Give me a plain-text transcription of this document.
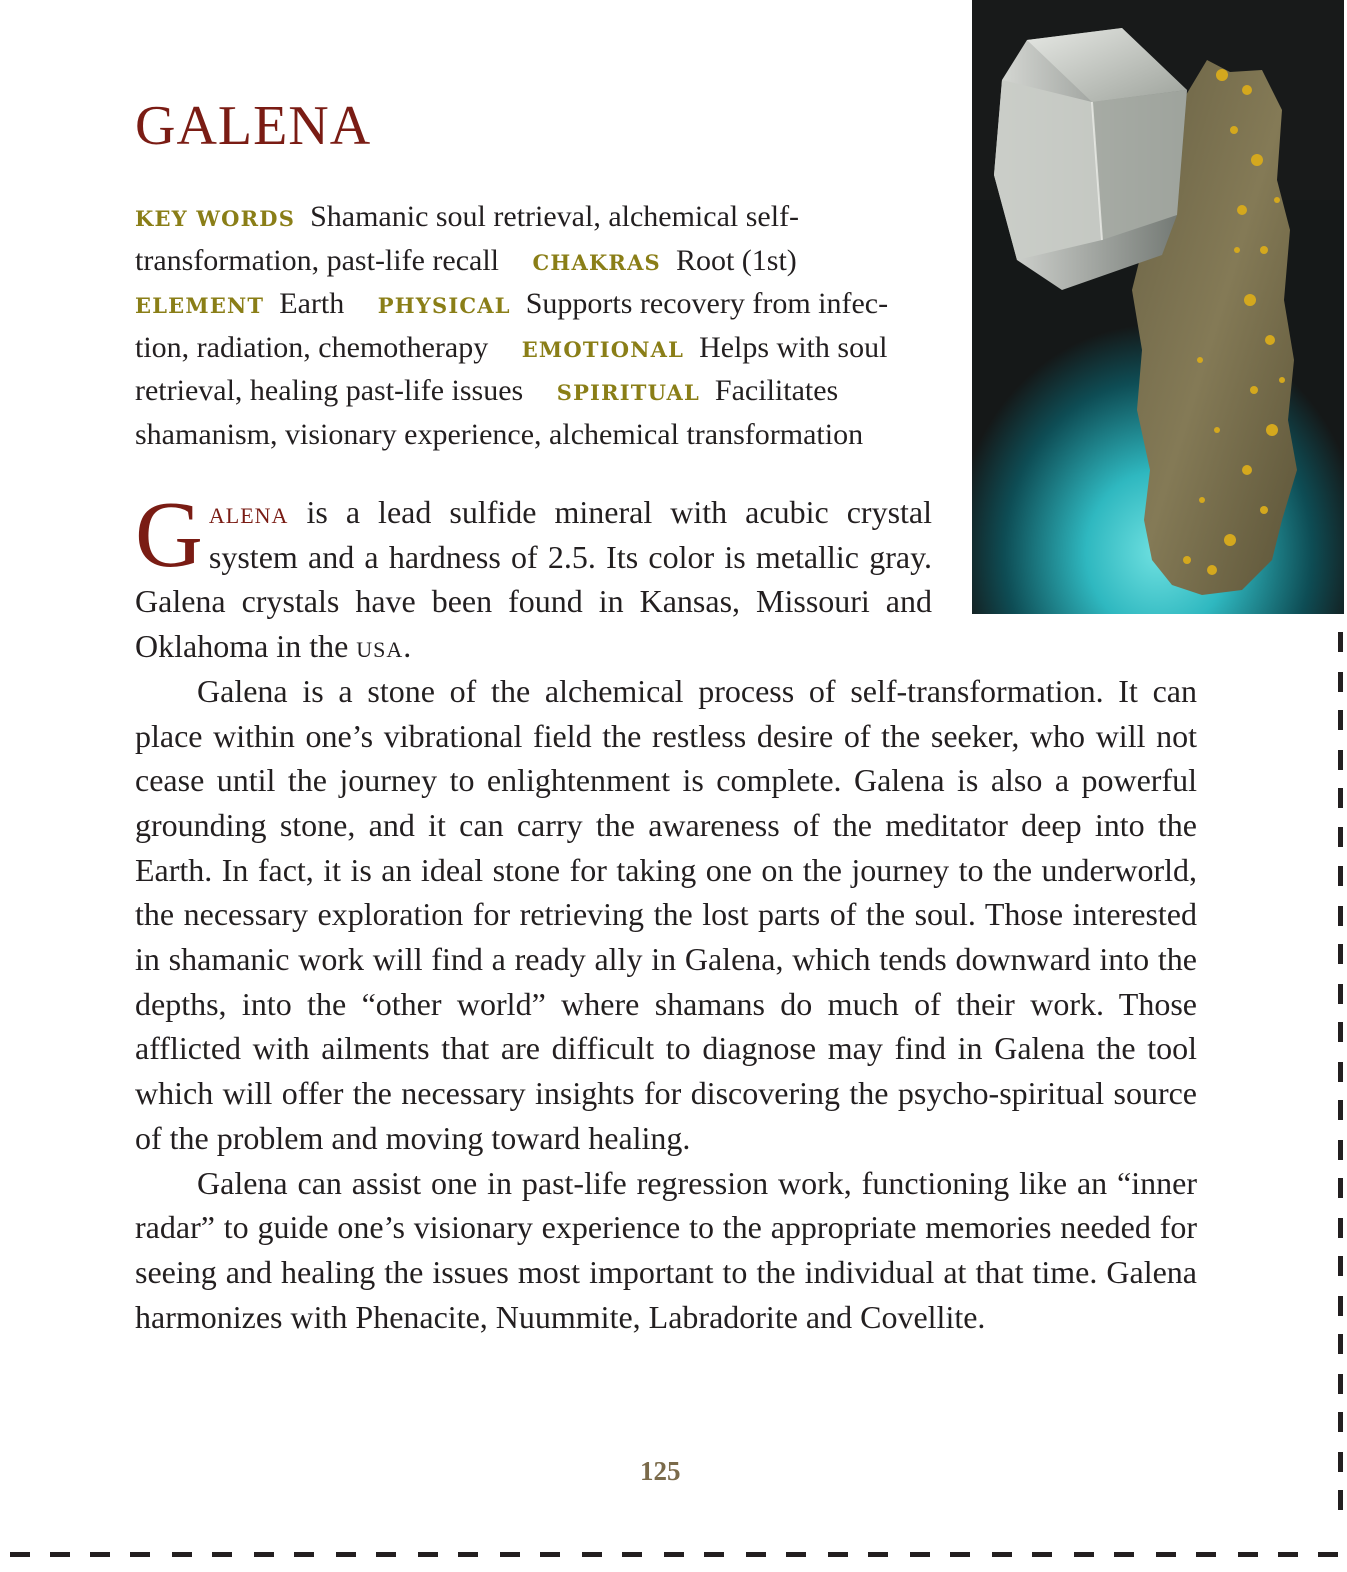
GALENA
KEY WORDS Shamanic soul retrieval, alchemical self-
transformation, past-life recall CHAKRAS Root (1st)
ELEMENT Earth PHYSICAL Supports recovery from infec-
tion, radiation, chemotherapy EMOTIONAL Helps with soul
retrieval, healing past-life issues SPIRITUAL Facilitates
shamanism, visionary experience, alchemical transformation

Galena is a lead sulfide mineral with acubic crystal system and a hardness of 2.5. Its color is metallic gray. Galena crystals have been found in Kansas, Missouri and Oklahoma in the usa.

Galena is a stone of the alchemical process of self-transformation. It can place within one’s vibrational field the restless desire of the seeker, who will not cease until the journey to enlightenment is complete. Galena is also a powerful grounding stone, and it can carry the awareness of the meditator deep into the Earth. In fact, it is an ideal stone for taking one on the journey to the underworld, the necessary exploration for retrieving the lost parts of the soul. Those interested in shamanic work will find a ready ally in Galena, which tends downward into the depths, into the “other world” where shamans do much of their work. Those afflicted with ailments that are difficult to diagnose may find in Galena the tool which will offer the necessary insights for discovering the psycho-spiritual source of the problem and moving toward healing.

Galena can assist one in past-life regression work, functioning like an “inner radar” to guide one’s visionary experience to the appropriate memories needed for seeing and healing the issues most important to the individual at that time. Galena harmonizes with Phenacite, Nuummite, Labradorite and Covellite.

125
